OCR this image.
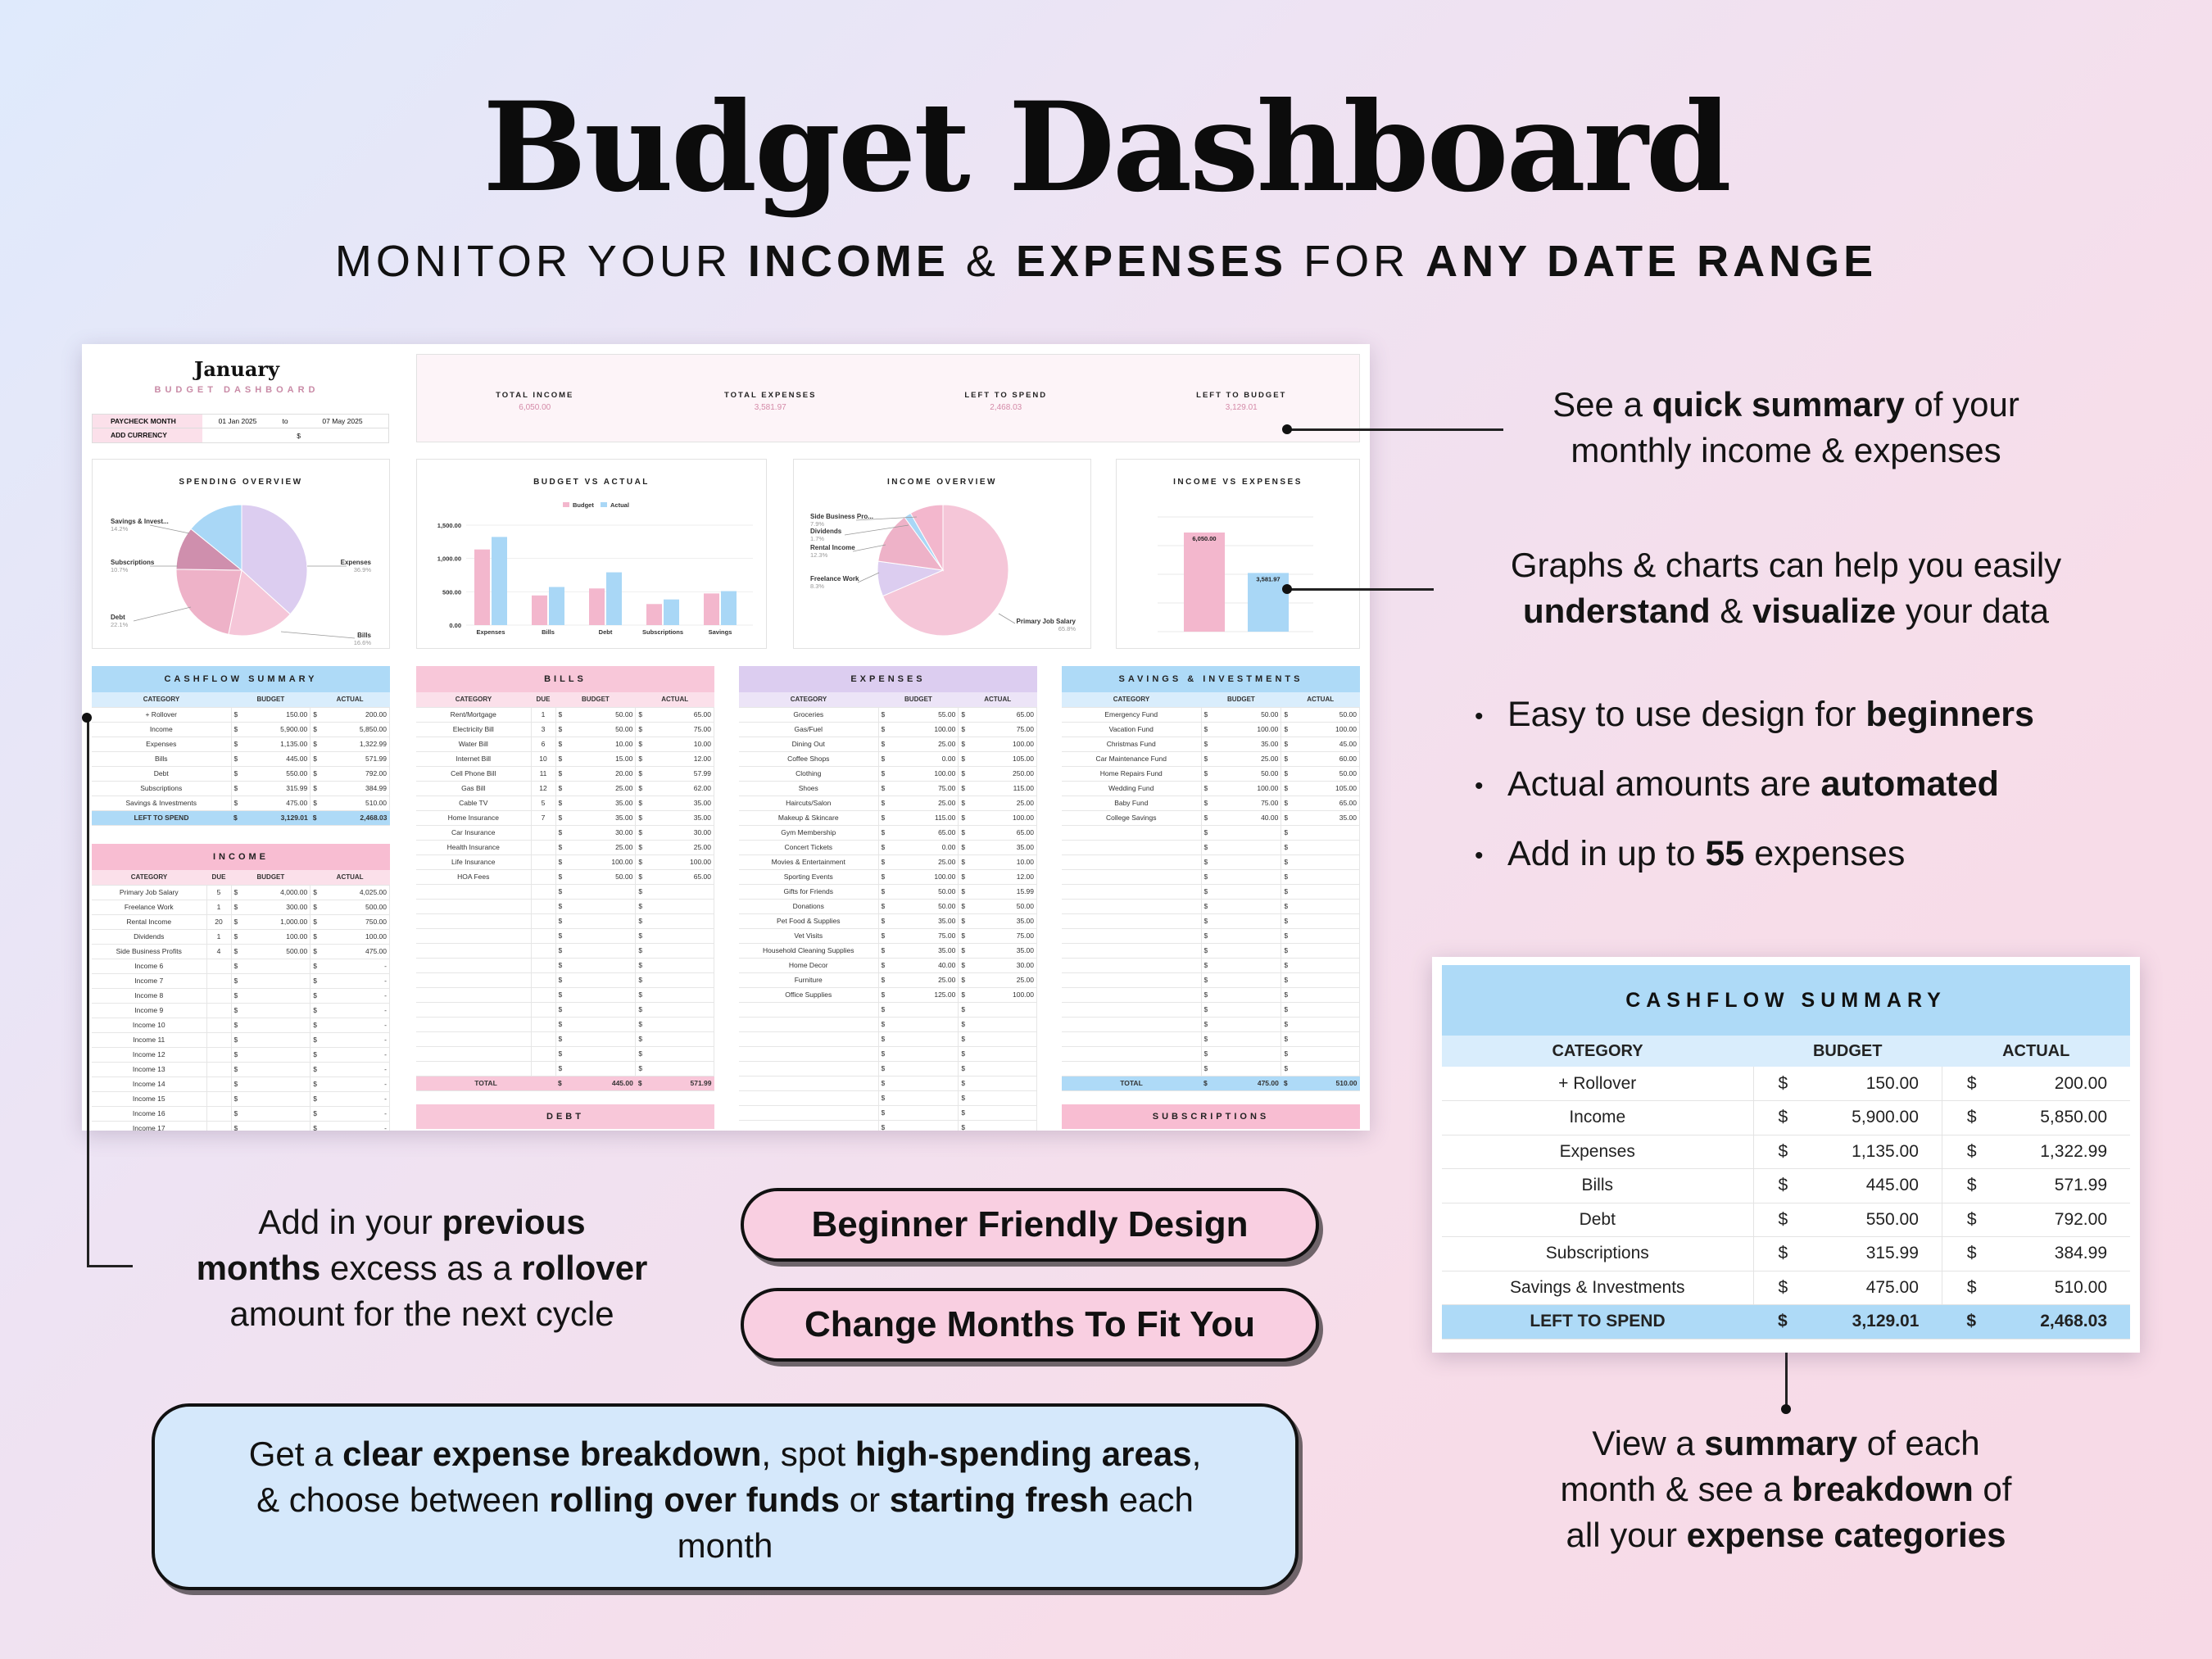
Budget Dashboard
MONITOR YOUR INCOME & EXPENSES FOR ANY DATE RANGE
January
BUDGET DASHBOARD
PAYCHECK MONTH	01 Jan 2025	to	07 May 2025
ADD CURRENCY	$
TOTAL INCOME
6,050.00
TOTAL EXPENSES
3,581.97
LEFT TO SPEND
2,468.03
LEFT TO BUDGET
3,129.01
SPENDING OVERVIEW
Savings & Invest...
14.2%
Subscriptions
10.7%
Debt
22.1%
Expenses
36.9%
Bills
16.6%
BUDGET VS ACTUAL
Budget	Actual
1,500.00
1,000.00
500.00
0.00
Expenses	Bills	Debt	Subscriptions	Savings
INCOME OVERVIEW
Side Business Pro...
7.9%
Dividends
1.7%
Rental Income
12.3%
Freelance Work
8.3%
Primary Job Salary
65.8%
INCOME VS EXPENSES
6,050.00
3,581.97
CASHFLOW SUMMARY
CATEGORY	BUDGET	ACTUAL
+ Rollover	$ 150.00	$ 200.00

Income	$ 5,900.00	$ 5,850.00

Expenses	$ 1,135.00	$ 1,322.99

Bills	$ 445.00	$ 571.99

Debt	$ 550.00	$ 792.00

Subscriptions	$ 315.99	$ 384.99

Savings & Investments	$ 475.00	$ 510.00

LEFT TO SPEND	$ 3,129.01	$ 2,468.03
INCOME
CATEGORY	DUE	BUDGET	ACTUAL
Primary Job Salary	5	$ 4,000.00	$ 4,025.00

Freelance Work	1	$ 300.00	$ 500.00

Rental Income	20	$ 1,000.00	$ 750.00

Dividends	1	$ 100.00	$ 100.00

Side Business Profits	4	$ 500.00	$ 475.00

Income 6		$	$ -

Income 7		$	$ -

Income 8		$	$ -

Income 9		$	$ -

Income 10		$	$ -

Income 11		$	$ -

Income 12		$	$ -

Income 13		$	$ -

Income 14		$	$ -

Income 15		$	$ -

Income 16		$	$ -

Income 17		$	$ -
BILLS
CATEGORY	DUE	BUDGET	ACTUAL
Rent/Mortgage	1	$ 50.00	$ 65.00

Electricity Bill	3	$ 50.00	$ 75.00

Water Bill	6	$ 10.00	$ 10.00

Internet Bill	10	$ 15.00	$ 12.00

Cell Phone Bill	11	$ 20.00	$ 57.99

Gas Bill	12	$ 25.00	$ 62.00

Cable TV	5	$ 35.00	$ 35.00

Home Insurance	7	$ 35.00	$ 35.00

Car Insurance		$ 30.00	$ 30.00

Health Insurance		$ 25.00	$ 25.00

Life Insurance		$ 100.00	$ 100.00

HOA Fees		$ 50.00	$ 65.00

		$	$

		$	$

		$	$

		$	$

		$	$

		$	$

		$	$

		$	$

		$	$

		$	$

		$	$

		$	$

		$	$

TOTAL		$ 445.00	$ 571.99
DEBT
EXPENSES
CATEGORY	BUDGET	ACTUAL
Groceries	$ 55.00	$ 65.00

Gas/Fuel	$ 100.00	$ 75.00

Dining Out	$ 25.00	$ 100.00

Coffee Shops	$ 0.00	$ 105.00

Clothing	$ 100.00	$ 250.00

Shoes	$ 75.00	$ 115.00

Haircuts/Salon	$ 25.00	$ 25.00

Makeup & Skincare	$ 115.00	$ 100.00

Gym Membership	$ 65.00	$ 65.00

Concert Tickets	$ 0.00	$ 35.00

Movies & Entertainment	$ 25.00	$ 10.00

Sporting Events	$ 100.00	$ 12.00

Gifts for Friends	$ 50.00	$ 15.99

Donations	$ 50.00	$ 50.00

Pet Food & Supplies	$ 35.00	$ 35.00

Vet Visits	$ 75.00	$ 75.00

Household Cleaning Supplies	$ 35.00	$ 35.00

Home Decor	$ 40.00	$ 30.00

Furniture	$ 25.00	$ 25.00

Office Supplies	$ 125.00	$ 100.00

	$	$

	$	$

	$	$

	$	$

	$	$

	$	$

	$	$

	$	$

	$	$
SAVINGS & INVESTMENTS
CATEGORY	BUDGET	ACTUAL
Emergency Fund	$ 50.00	$ 50.00

Vacation Fund	$ 100.00	$ 100.00

Christmas Fund	$ 35.00	$ 45.00

Car Maintenance Fund	$ 25.00	$ 60.00

Home Repairs Fund	$ 50.00	$ 50.00

Wedding Fund	$ 100.00	$ 105.00

Baby Fund	$ 75.00	$ 65.00

College Savings	$ 40.00	$ 35.00

	$	$

	$	$

	$	$

	$	$

	$	$

	$	$

	$	$

	$	$

	$	$

	$	$

	$	$

	$	$

	$	$

	$	$

	$	$

	$	$

	$	$

TOTAL	$ 475.00	$ 510.00
SUBSCRIPTIONS
See a quick summary of your
monthly income & expenses
Graphs & charts can help you easily
understand & visualize your data
• Easy to use design for beginners
• Actual amounts are automated
• Add in up to 55 expenses
Add in your previous
months excess as a rollover
amount for the next cycle
Beginner Friendly Design
Change Months To Fit You
Get a clear expense breakdown, spot high-spending areas,
& choose between rolling over funds or starting fresh each
month
CASHFLOW SUMMARY
CATEGORY	BUDGET		ACTUAL	
+ Rollover	$	150.00	$	200.00
Income	$	5,900.00	$	5,850.00
Expenses	$	1,135.00	$	1,322.99
Bills	$	445.00	$	571.99
Debt	$	550.00	$	792.00
Subscriptions	$	315.99	$	384.99
Savings & Investments	$	475.00	$	510.00
LEFT TO SPEND	$	3,129.01	$	2,468.03
View a summary of each
month & see a breakdown of
all your expense categories
